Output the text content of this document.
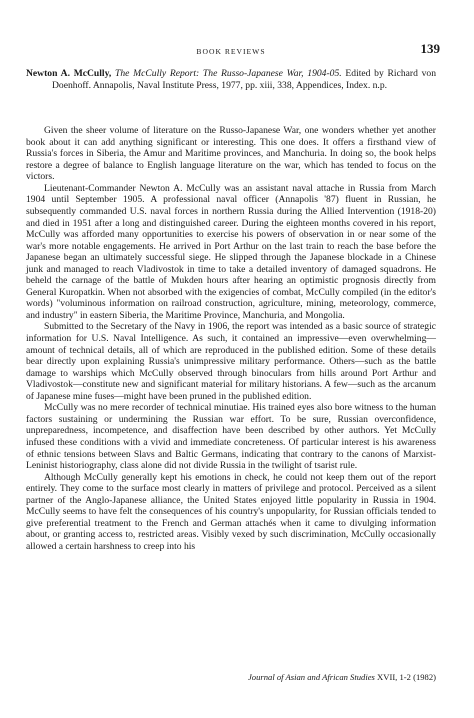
BOOK REVIEWS	139
Newton A. McCully, The McCully Report: The Russo-Japanese War, 1904-05. Edited by Richard von Doenhoff. Annapolis, Naval Institute Press, 1977, pp. xiii, 338, Appendices, Index. n.p.

Given the sheer volume of literature on the Russo-Japanese War, one wonders whether yet another book about it can add anything significant or interesting. This one does. It offers a firsthand view of Russia's forces in Siberia, the Amur and Maritime provinces, and Manchuria. In doing so, the book helps restore a degree of balance to English language literature on the war, which has tended to focus on the victors.

Lieutenant-Commander Newton A. McCully was an assistant naval attache in Russia from March 1904 until September 1905. A professional naval officer (Annapolis '87) fluent in Russian, he subsequently commanded U.S. naval forces in northern Russia during the Allied Intervention (1918-20) and died in 1951 after a long and distinguished career. During the eighteen months covered in his report, McCully was afforded many opportunities to exercise his powers of observation in or near some of the war's more notable engagements. He arrived in Port Arthur on the last train to reach the base before the Japanese began an ultimately successful siege. He slipped through the Japanese blockade in a Chinese junk and managed to reach Vladivostok in time to take a detailed inventory of damaged squadrons. He beheld the carnage of the battle of Mukden hours after hearing an optimistic prognosis directly from General Kuropatkin. When not absorbed with the exigencies of combat, McCully compiled (in the editor's words) "voluminous information on railroad construction, agriculture, mining, meteorology, commerce, and industry" in eastern Siberia, the Maritime Province, Manchuria, and Mongolia.

Submitted to the Secretary of the Navy in 1906, the report was intended as a basic source of strategic information for U.S. Naval Intelligence. As such, it contained an impressive—even overwhelming—amount of technical details, all of which are reproduced in the published edition. Some of these details bear directly upon explaining Russia's unimpressive military performance. Others—such as the battle damage to warships which McCully observed through binoculars from hills around Port Arthur and Vladivostok—constitute new and significant material for military historians. A few—such as the arcanum of Japanese mine fuses—might have been pruned in the published edition.

McCully was no mere recorder of technical minutiae. His trained eyes also bore witness to the human factors sustaining or undermining the Russian war effort. To be sure, Russian overconfidence, unpreparedness, incompetence, and disaffection have been described by other authors. Yet McCully infused these conditions with a vivid and immediate concreteness. Of particular interest is his awareness of ethnic tensions between Slavs and Baltic Germans, indicating that contrary to the canons of Marxist-Leninist historiography, class alone did not divide Russia in the twilight of tsarist rule.

Although McCully generally kept his emotions in check, he could not keep them out of the report entirely. They come to the surface most clearly in matters of privilege and protocol. Perceived as a silent partner of the Anglo-Japanese alliance, the United States enjoyed little popularity in Russia in 1904. McCully seems to have felt the consequences of his country's unpopularity, for Russian officials tended to give preferential treatment to the French and German attachés when it came to divulging information about, or granting access to, restricted areas. Visibly vexed by such discrimination, McCully occasionally allowed a certain harshness to creep into his

Journal of Asian and African Studies XVII, 1-2 (1982)
